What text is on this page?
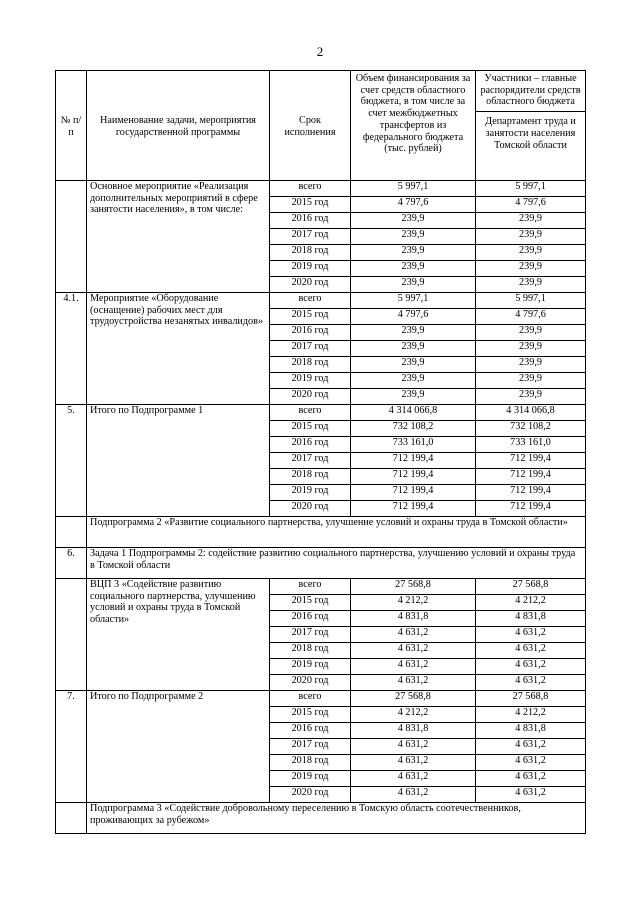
2
№ п/п	Наименование задачи, мероприятия государственной программы	Срок исполнения	Объем финансирования за счет средств областного бюджета, в том числе за счет межбюджетных трансфертов из федерального бюджета (тыс. рублей)	Участники – главные распорядители средств областного бюджета
Департамент труда и занятости населения Томской области

	Основное мероприятие «Реализация дополнительных мероприятий в сфере занятости населения», в том числе:	всего	5 997,1	5 997,1
		2015 год	4 797,6	4 797,6
		2016 год	239,9	239,9
		2017 год	239,9	239,9
		2018 год	239,9	239,9
		2019 год	239,9	239,9
		2020 год	239,9	239,9
4.1.	Мероприятие «Оборудование (оснащение) рабочих мест для трудоустройства незанятых инвалидов»	всего	5 997,1	5 997,1
		2015 год	4 797,6	4 797,6
		2016 год	239,9	239,9
		2017 год	239,9	239,9
		2018 год	239,9	239,9
		2019 год	239,9	239,9
		2020 год	239,9	239,9
5.	Итого по Подпрограмме 1	всего	4 314 066,8	4 314 066,8
		2015 год	732 108,2	732 108,2
		2016 год	733 161,0	733 161,0
		2017 год	712 199,4	712 199,4
		2018 год	712 199,4	712 199,4
		2019 год	712 199,4	712 199,4
		2020 год	712 199,4	712 199,4
	Подпрограмма 2 «Развитие социального партнерства, улучшение условий и охраны труда в Томской области»			
6.	Задача 1 Подпрограммы 2: содействие развитию социального партнерства, улучшению условий и охраны труда в Томской области			
	ВЦП 3 «Содействие развитию социального партнерства, улучшению условий и охраны труда в Томской области»	всего	27 568,8	27 568,8
		2015 год	4 212,2	4 212,2
		2016 год	4 831,8	4 831,8
		2017 год	4 631,2	4 631,2
		2018 год	4 631,2	4 631,2
		2019 год	4 631,2	4 631,2
		2020 год	4 631,2	4 631,2
7.	Итого по Подпрограмме 2	всего	27 568,8	27 568,8
		2015 год	4 212,2	4 212,2
		2016 год	4 831,8	4 831,8
		2017 год	4 631,2	4 631,2
		2018 год	4 631,2	4 631,2
		2019 год	4 631,2	4 631,2
		2020 год	4 631,2	4 631,2
	Подпрограмма 3 «Содействие добровольному переселению в Томскую область соотечественников, проживающих за рубежом»			
